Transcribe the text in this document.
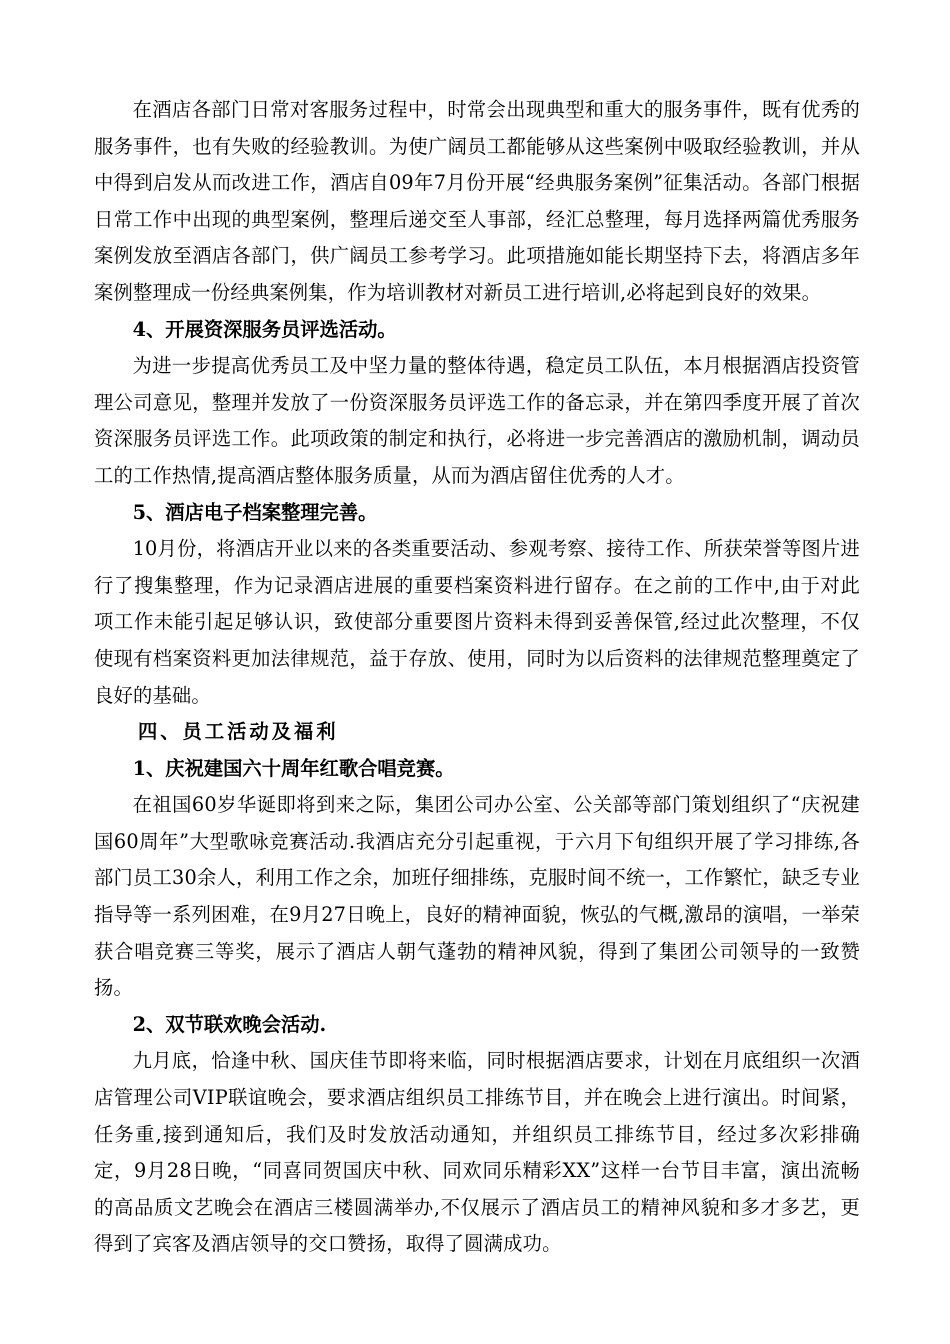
在酒店各部门日常对客服务过程中，时常会出现典型和重大的服务事件，既有优秀的服务事件，也有失败的经验教训。为使广阔员工都能够从这些案例中吸取经验教训，并从中得到启发从而改进工作，酒店自09年7月份开展“经典服务案例”征集活动。各部门根据日常工作中出现的典型案例，整理后递交至人事部，经汇总整理，每月选择两篇优秀服务案例发放至酒店各部门，供广阔员工参考学习。此项措施如能长期坚持下去，将酒店多年案例整理成一份经典案例集，作为培训教材对新员工进行培训,必将起到良好的效果。

4、开展资深服务员评选活动。

为进一步提高优秀员工及中坚力量的整体待遇，稳定员工队伍，本月根据酒店投资管理公司意见，整理并发放了一份资深服务员评选工作的备忘录，并在第四季度开展了首次资深服务员评选工作。此项政策的制定和执行，必将进一步完善酒店的激励机制，调动员工的工作热情,提高酒店整体服务质量，从而为酒店留住优秀的人才。

5、酒店电子档案整理完善。

10月份，将酒店开业以来的各类重要活动、参观考察、接待工作、所获荣誉等图片进行了搜集整理，作为记录酒店进展的重要档案资料进行留存。在之前的工作中,由于对此项工作未能引起足够认识，致使部分重要图片资料未得到妥善保管,经过此次整理，不仅使现有档案资料更加法律规范，益于存放、使用，同时为以后资料的法律规范整理奠定了良好的基础。

四、员工活动及福利

1、庆祝建国六十周年红歌合唱竞赛。

在祖国60岁华诞即将到来之际，集团公司办公室、公关部等部门策划组织了“庆祝建国60周年”大型歌咏竞赛活动.我酒店充分引起重视，于六月下旬组织开展了学习排练,各部门员工30余人，利用工作之余，加班仔细排练，克服时间不统一，工作繁忙，缺乏专业指导等一系列困难，在9月27日晚上，良好的精神面貌，恢弘的气概,激昂的演唱，一举荣获合唱竞赛三等奖，展示了酒店人朝气蓬勃的精神风貌，得到了集团公司领导的一致赞扬。

2、双节联欢晚会活动.

九月底，恰逢中秋、国庆佳节即将来临，同时根据酒店要求，计划在月底组织一次酒店管理公司VIP联谊晚会，要求酒店组织员工排练节目，并在晚会上进行演出。时间紧，任务重,接到通知后，我们及时发放活动通知，并组织员工排练节目，经过多次彩排确定，9月28日晚，“同喜同贺国庆中秋、同欢同乐精彩XX”这样一台节目丰富，演出流畅的高品质文艺晚会在酒店三楼圆满举办,不仅展示了酒店员工的精神风貌和多才多艺，更得到了宾客及酒店领导的交口赞扬，取得了圆满成功。
